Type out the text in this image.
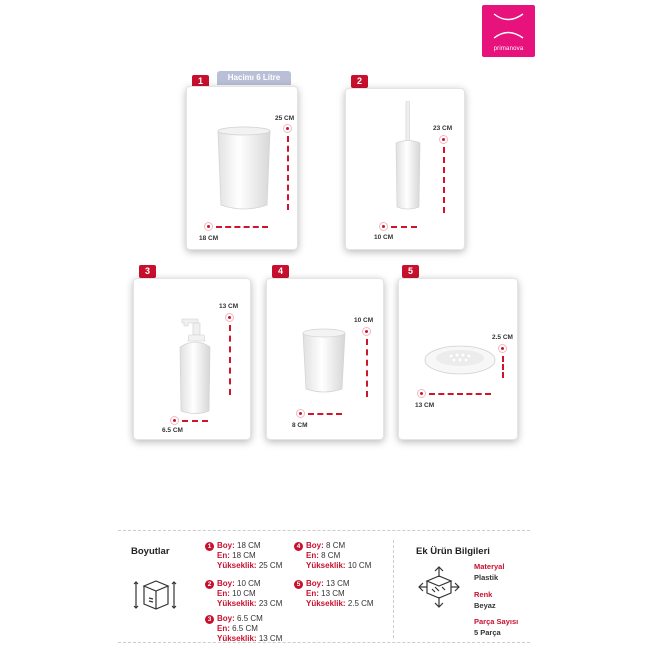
primanova
Hacimı 6 Litre
1
25 CM
18 CM
2
23 CM
10 CM
3
13 CM
6.5 CM
4
10 CM
8 CM
5
2.5 CM
13 CM
Boyutlar	1 Boy: 18 CM
En: 18 CM
Yükseklik: 25 CM
2 Boy: 10 CM
En: 10 CM
Yükseklik: 23 CM
3 Boy: 6.5 CM
En: 6.5 CM
Yükseklik: 13 CM
4 Boy: 8 CM
En: 8 CM
Yükseklik: 10 CM
5 Boy: 13 CM
En: 13 CM
Yükseklik: 2.5 CM
Ek Ürün Bilgileri
Materyal
Plastik
Renk
Beyaz
Parça Sayısı
5 Parça
